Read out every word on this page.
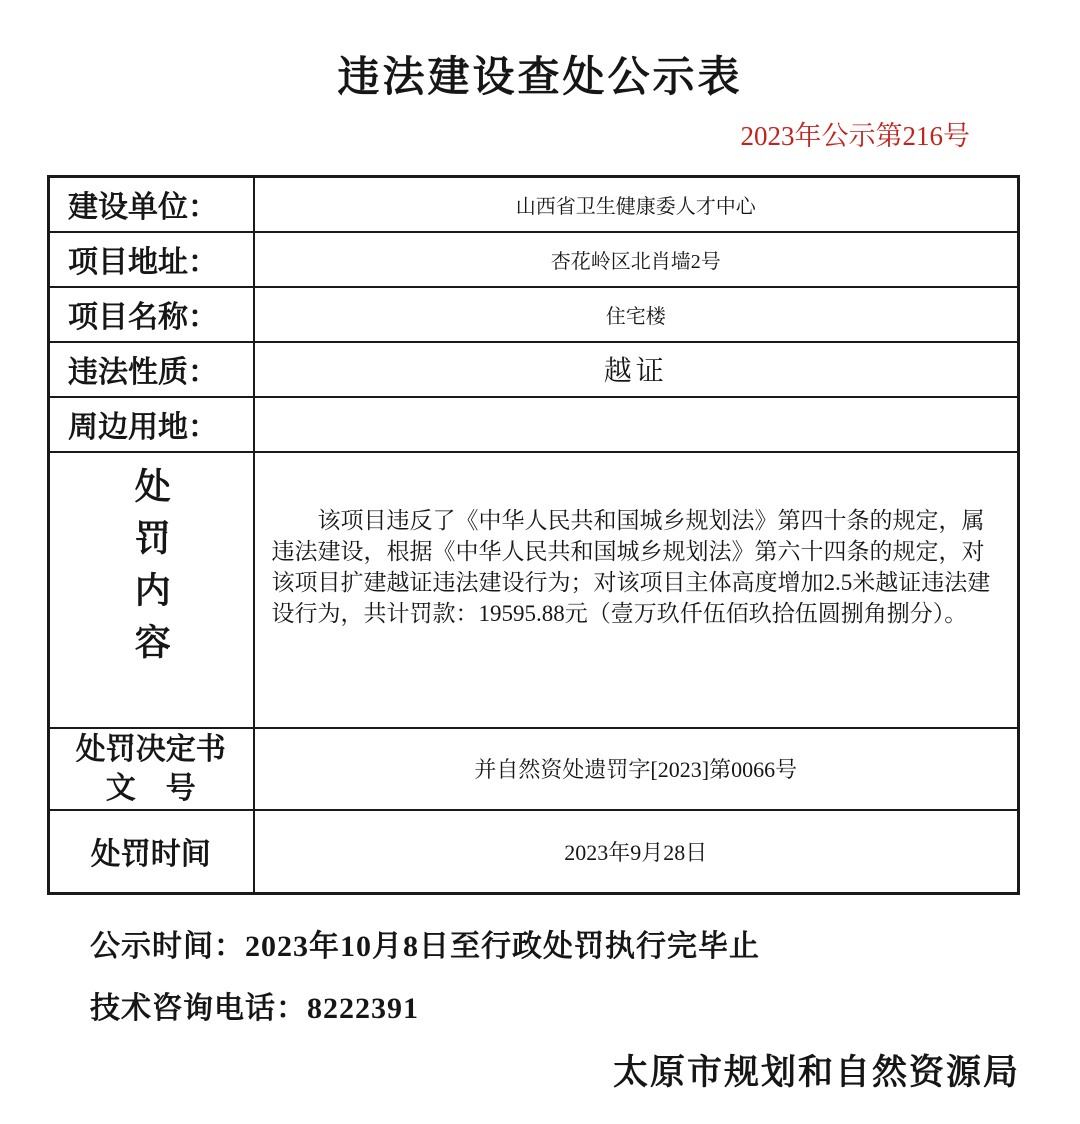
违法建设查处公示表
2023年公示第216号
建设单位：	山西省卫生健康委人才中心
项目地址：	杏花岭区北肖墙2号
项目名称：	住宅楼
违法性质：	越证
周边用地：	
处罚内容	该项目违反了《中华人民共和国城乡规划法》第四十条的规定，属违法建设，根据《中华人民共和国城乡规划法》第六十四条的规定，对该项目扩建越证违法建设行为；对该项目主体高度增加2.5米越证违法建设行为，共计罚款：19595.88元（壹万玖仟伍佰玖拾伍圆捌角捌分）。

处罚决定书
文　号	并自然资处遗罚字[2023]第0066号
处罚时间	2023年9月28日
公示时间：2023年10月8日至行政处罚执行完毕止
技术咨询电话：8222391
太原市规划和自然资源局
